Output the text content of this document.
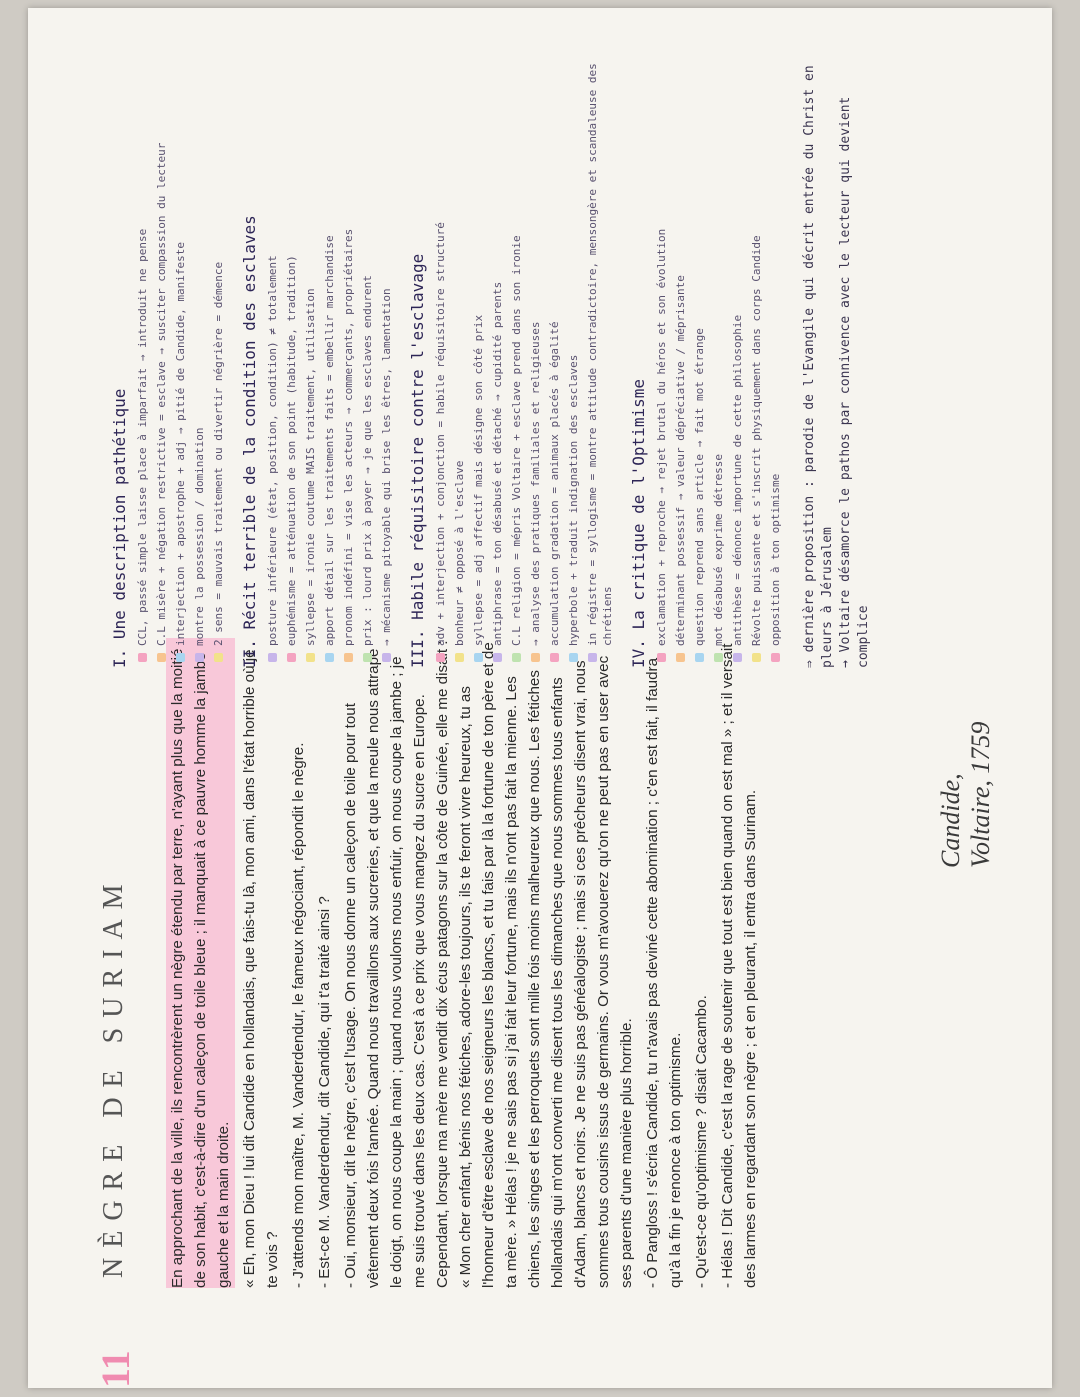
11
NÈGRE DE SURIAM	En approchant de la ville, ils rencontrèrent un nègre étendu par terre, n'ayant plus que la moitié de son habit, c'est-à-dire d'un caleçon de toile bleue ; il manquait à ce pauvre homme la jambe gauche et la main droite. « Eh, mon Dieu ! lui dit Candide en hollandais, que fais-tu là, mon ami, dans l'état horrible où je te vois ? - J'attends mon maître, M. Vanderdendur, le fameux négociant, répondit le nègre. - Est-ce M. Vanderdendur, dit Candide, qui t'a traité ainsi ? - Oui, monsieur, dit le nègre, c'est l'usage. On nous donne un caleçon de toile pour tout vêtement deux fois l'année. Quand nous travaillons aux sucreries, et que la meule nous attrape le doigt, on nous coupe la main ; quand nous voulons nous enfuir, on nous coupe la jambe ; je me suis trouvé dans les deux cas. C'est à ce prix que vous mangez du sucre en Europe. Cependant, lorsque ma mère me vendit dix écus patagons sur la côte de Guinée, elle me disait : « Mon cher enfant, bénis nos fétiches, adore-les toujours, ils te feront vivre heureux, tu as l'honneur d'être esclave de nos seigneurs les blancs, et tu fais par là la fortune de ton père et de ta mère. » Hélas ! je ne sais pas si j'ai fait leur fortune, mais ils n'ont pas fait la mienne. Les chiens, les singes et les perroquets sont mille fois moins malheureux que nous. Les fétiches hollandais qui m'ont converti me disent tous les dimanches que nous sommes tous enfants d'Adam, blancs et noirs. Je ne suis pas généalogiste ; mais si ces prêcheurs disent vrai, nous sommes tous cousins issus de germains. Or vous m'avouerez qu'on ne peut pas en user avec ses parents d'une manière plus horrible. - Ô Pangloss ! s'écria Candide, tu n'avais pas deviné cette abomination ; c'en est fait, il faudra qu'à la fin je renonce à ton optimisme. - Qu'est-ce qu'optimisme ? disait Cacambo. - Hélas ! Dit Candide, c'est la rage de soutenir que tout est bien quand on est mal » ; et il versait des larmes en regardant son nègre ; et en pleurant, il entra dans Surinam.	Candide, Voltaire, 1759
I. Une description pathétique CCL, passé simple laisse place à imparfait → introduit ne pense C.L misère + négation restrictive = esclave → susciter compassion du lecteur interjection + apostrophe + adj → pitié de Candide, manifeste montre la possession / domination 2 sens = mauvais traitement ou divertir négrière = démence II. Récit terrible de la condition des esclaves posture inférieure (état, position, condition) ≠ totalement euphémisme = atténuation de son point (habitude, tradition) syllepse = ironie coutume MAIS traitement, utilisation apport détail sur les traitements faits = embellir marchandise pronom indéfini = vise les acteurs → commerçants, propriétaires prix : lourd prix à payer → je que les esclaves endurent → mécanisme pitoyable qui brise les êtres, lamentation III. Habile réquisitoire contre l'esclavage adv + interjection + conjonction = habile réquisitoire structuré bonheur ≠ opposé à l'esclave syllepse = adj affectif mais désigne son côté prix antiphrase = ton désabusé et détaché → cupidité parents C.L religion = mépris Voltaire + esclave prend dans son ironie → analyse des pratiques familiales et religieuses accumulation gradation = animaux placés à égalité hyperbole + traduit indignation des esclaves in régistre = syllogisme = montre attitude contradictoire, mensongère et scandaleuse des chrétiens IV. La critique de l'Optimisme exclamation + reproche → rejet brutal du héros et son évolution déterminant possessif → valeur dépréciative / méprisante question reprend sans article → fait mot étrange mot désabusé exprime détresse antithèse = dénonce importune de cette philosophie Révolte puissante et s'inscrit physiquement dans corps Candide opposition à ton optimisme ⇒ dernière proposition : parodie de l'Evangile qui décrit entrée du Christ en pleurs à Jérusalem → Voltaire désamorce le pathos par connivence avec le lecteur qui devient complice
